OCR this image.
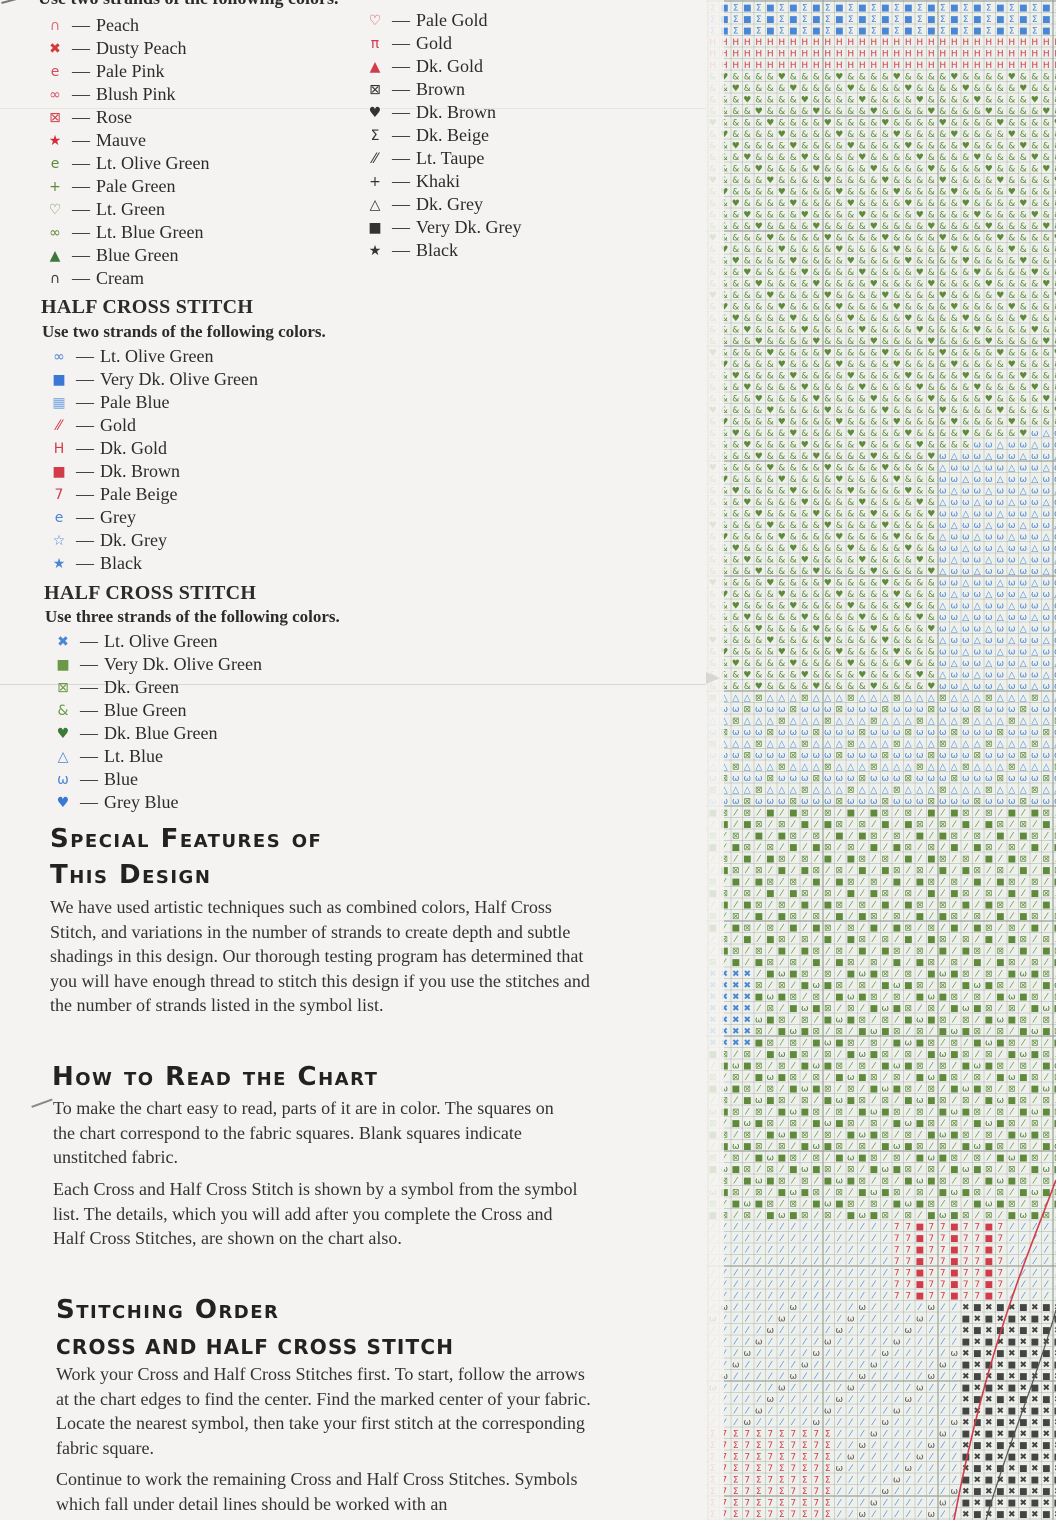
∩ — Peach
✖ — Dusty Peach
e — Pale Pink
∞ — Blush Pink
⊠ — Rose
★ — Mauve
e — Lt. Olive Green
+ — Pale Green
♡ — Lt. Green
∞ — Lt. Blue Green
▲ — Blue Green
∩ — Cream
♡ — Pale Gold
π — Gold
▲ — Dk. Gold
⊠ — Brown
♥ — Dk. Brown
Σ — Dk. Beige
⁄⁄ — Lt. Taupe
+ — Khaki
△ — Dk. Grey
■ — Very Dk. Grey
★ — Black
HALF CROSS STITCH
Use two strands of the following colors.
∞ — Lt. Olive Green
■ — Very Dk. Olive Green
▦ — Pale Blue
⁄⁄ — Gold
H — Dk. Gold
■ — Dk. Brown
7 — Pale Beige
e — Grey
☆ — Dk. Grey
★ — Black
HALF CROSS STITCH
Use three strands of the following colors.
✖ — Lt. Olive Green
■ — Very Dk. Olive Green
⊠ — Dk. Green
& — Blue Green
♥ — Dk. Blue Green
△ — Lt. Blue
ω — Blue
♥ — Grey Blue
Special Features of
This Design
We have used artistic techniques such as combined colors, Half Cross Stitch, and variations in the number of strands to create depth and subtle shadings in this design. Our thorough testing program has determined that you will have enough thread to stitch this design if you use the stitches and the number of strands listed in the symbol list.
How to Read the Chart
To make the chart easy to read, parts of it are in color. The squares on the chart correspond to the fabric squares. Blank squares indicate unstitched fabric.
Each Cross and Half Cross Stitch is shown by a symbol from the symbol list. The details, which you will add after you complete the Cross and Half Cross Stitches, are shown on the chart also.
Stitching Order
CROSS AND HALF CROSS STITCH
Work your Cross and Half Cross Stitches first. To start, follow the arrows at the chart edges to find the center. Find the marked center of your fabric. Locate the nearest symbol, then take your first stitch at the corresponding fabric square.
Continue to work the remaining Cross and Half Cross Stitches. Symbols which fall under detail lines should be worked with an
■ Σ ■ Σ ■ Σ ■ Σ ■ Σ ■ Σ ■ Σ ■ Σ ■ Σ ■ Σ ■ Σ ■ Σ ■ Σ ■ Σ ■
■ Σ ■ Σ ■ Σ ■ Σ ■ Σ ■ Σ ■ Σ ■ Σ ■ Σ ■ Σ ■ Σ ■ Σ ■ Σ ■ Σ ■
■ Σ ■ Σ ■ Σ ■ Σ ■ Σ ■ Σ ■ Σ ■ Σ ■ Σ ■ Σ ■ Σ ■ Σ ■ Σ ■ Σ ■
H H H H H H H H H H H H H H H H H H H H H H H H H H H H H
H H H H H H H H H H H H H H H H H H H H H H H H H H H H H
H H H H H H H H H H H H H H H H H H H H H H H H H H H H H
♥ & & & & ♥ & & & & ♥ & & & & ♥ & & & & ♥ & & & & ♥ & & &
& ♥ & & & & ♥ & & & & ♥ & & & & ♥ & & & & ♥ & & & & ♥ & &
& & ♥ & & & & ♥ & & & & ♥ & & & & ♥ & & & & ♥ & & & & ♥ &
& & & ♥ & & & & ♥ & & & & ♥ & & & & ♥ & & & & ♥ & & & & ♥
& & & & ♥ & & & & ♥ & & & & ♥ & & & & ♥ & & & & ♥ & & & &
♥ & & & & ♥ & & & & ♥ & & & & ♥ & & & & ♥ & & & & ♥ & & &
& ♥ & & & & ♥ & & & & ♥ & & & & ♥ & & & & ♥ & & & & ♥ & &
& & ♥ & & & & ♥ & & & & ♥ & & & & ♥ & & & & ♥ & & & & ♥ &
& & & ♥ & & & & ♥ & & & & ♥ & & & & ♥ & & & & ♥ & & & & ♥
& & & & ♥ & & & & ♥ & & & & ♥ & & & & ♥ & & & & ♥ & & & &
♥ & & & & ♥ & & & & ♥ & & & & ♥ & & & & ♥ & & & & ♥ & & &
& ♥ & & & & ♥ & & & & ♥ & & & & ♥ & & & & ♥ & & & & ♥ & &
& & ♥ & & & & ♥ & & & & ♥ & & & & ♥ & & & & ♥ & & & & ♥ &
& & & ♥ & & & & ♥ & & & & ♥ & & & & ♥ & & & & ♥ & & & & ♥
& & & & ♥ & & & & ♥ & & & & ♥ & & & & ♥ & & & & ♥ & & & &
♥ & & & & ♥ & & & & ♥ & & & & ♥ & & & & ♥ & & & & ♥ & & &
& ♥ & & & & ♥ & & & & ♥ & & & & ♥ & & & & ♥ & & & & ♥ & &
& & ♥ & & & & ♥ & & & & ♥ & & & & ♥ & & & & ♥ & & & & ♥ &
& & & ♥ & & & & ♥ & & & & ♥ & & & & ♥ & & & & ♥ & & & & ♥
& & & & ♥ & & & & ♥ & & & & ♥ & & & & ♥ & & & & ♥ & & & &
♥ & & & & ♥ & & & & ♥ & & & & ♥ & & & & ♥ & & & & ♥ & & &
& ♥ & & & & ♥ & & & & ♥ & & & & ♥ & & & & ♥ & & & & ♥ & &
& & ♥ & & & & ♥ & & & & ♥ & & & & ♥ & & & & ♥ & & & & ♥ &
& & & ♥ & & & & ♥ & & & & ♥ & & & & ♥ & & & & ♥ & & & & ♥
& & & & ♥ & & & & ♥ & & & & ♥ & & & & ♥ & & & & ♥ & & & &
♥ & & & & ♥ & & & & ♥ & & & & ♥ & & & & ♥ & & & & ♥ & & &
& ♥ & & & & ♥ & & & & ♥ & & & & ♥ & & & & ♥ & & & & ♥ & &
& & ♥ & & & & ♥ & & & & ♥ & & & & ♥ & & & & ♥ & & & & ♥ &
& & & ♥ & & & & ♥ & & & & ♥ & & & & ♥ & & & & ♥ & & & & ♥
& & & & ♥ & & & & ♥ & & & & ♥ & & & & ♥ & & & & ♥ & & & &
♥ & & & & ♥ & & & & ♥ & & & & ♥ & & & & ♥ & & & & ♥ & & &
& ♥ & & & & ♥ & & & & ♥ & & & & ♥ & & & & ♥ & & & & ♥ ω △
& & ♥ & & & & ♥ & & & & ♥ & & & & ♥ & & & & ω ω △ ω ω △ ω
& & & ♥ & & & & ♥ & & & & ♥ & & & & ♥ ω △ ω ω △ ω ω △ ω ω
& & & & ♥ & & & & ♥ & & & & ♥ & & & & △ ω ω △ ω ω △ ω ω △
♥ & & & & ♥ & & & & ♥ & & & & ♥ & & & ω ω △ ω ω △ ω ω △ ω
& ♥ & & & & ♥ & & & & ♥ & & & & ♥ & & ω △ ω ω △ ω ω △ ω ω
& & ♥ & & & & ♥ & & & & ♥ & & & & ♥ & △ ω ω △ ω ω △ ω ω △
& & & ♥ & & & & ♥ & & & & ♥ & & & & ♥ ω ω △ ω ω △ ω ω △ ω
& & & & ♥ & & & & ♥ & & & & ♥ & & & & ω △ ω ω △ ω ω △ ω ω
♥ & & & & ♥ & & & & ♥ & & & & ♥ & & & △ ω ω △ ω ω △ ω ω △
& ♥ & & & & ♥ & & & & ♥ & & & & ♥ & & ω ω △ ω ω △ ω ω △ ω
& & ♥ & & & & ♥ & & & & ♥ & & & & ♥ & ω △ ω ω △ ω ω △ ω ω
& & & ♥ & & & & ♥ & & & & ♥ & & & & ♥ △ ω ω △ ω ω △ ω ω △
& & & & ♥ & & & & ♥ & & & & ♥ & & & & ω ω △ ω ω △ ω ω △ ω
♥ & & & & ♥ & & & & ♥ & & & & ♥ & & & ω △ ω ω △ ω ω △ ω ω
& ♥ & & & & ♥ & & & & ♥ & & & & ♥ & & △ ω ω △ ω ω △ ω ω △
& & ♥ & & & & ♥ & & & & ♥ & & & & ♥ & ω ω △ ω ω △ ω ω △ ω
& & & ♥ & & & & ♥ & & & & ♥ & & & & ♥ ω △ ω ω △ ω ω △ ω ω
& & & & ♥ & & & & ♥ & & & & ♥ & & & & △ ω ω △ ω ω △ ω ω △
♥ & & & & ♥ & & & & ♥ & & & & ♥ & & & ω ω △ ω ω △ ω ω △ ω
& ♥ & & & & ♥ & & & & ♥ & & & & ♥ & & ω △ ω ω △ ω ω △ ω ω
& & ♥ & & & & ♥ & & & & ♥ & & & & ♥ & △ ω ω △ ω ω △ ω ω △
& & & ♥ & & & & ♥ & & & & ♥ & & & & ♥ ω ω △ ω ω △ ω ω △ ω
△ △ △ ⊠ △ △ △ ⊠ △ △ △ ⊠ △ △ △ ⊠ △ △ △ ⊠ △ △ △ ⊠ △ △ △ ⊠ △
ω ω ⊠ ω ω ω ⊠ ω ω ω ⊠ ω ω ω ⊠ ω ω ω ⊠ ω ω ω ⊠ ω ω ω ⊠ ω ω
△ ⊠ △ △ △ ⊠ △ △ △ ⊠ △ △ △ ⊠ △ △ △ ⊠ △ △ △ ⊠ △ △ △ ⊠ △ △ △
⊠ ω ω ω ⊠ ω ω ω ⊠ ω ω ω ⊠ ω ω ω ⊠ ω ω ω ⊠ ω ω ω ⊠ ω ω ω ⊠
△ △ △ ⊠ △ △ △ ⊠ △ △ △ ⊠ △ △ △ ⊠ △ △ △ ⊠ △ △ △ ⊠ △ △ △ ⊠ △
ω ω ⊠ ω ω ω ⊠ ω ω ω ⊠ ω ω ω ⊠ ω ω ω ⊠ ω ω ω ⊠ ω ω ω ⊠ ω ω
△ ⊠ △ △ △ ⊠ △ △ △ ⊠ △ △ △ ⊠ △ △ △ ⊠ △ △ △ ⊠ △ △ △ ⊠ △ △ △
⊠ ω ω ω ⊠ ω ω ω ⊠ ω ω ω ⊠ ω ω ω ⊠ ω ω ω ⊠ ω ω ω ⊠ ω ω ω ⊠
△ △ △ ⊠ △ △ △ ⊠ △ △ △ ⊠ △ △ △ ⊠ △ △ △ ⊠ △ △ △ ⊠ △ △ △ ⊠ △
ω ω ⊠ ω ω ω ⊠ ω ω ω ⊠ ω ω ω ⊠ ω ω ω ⊠ ω ω ω ⊠ ω ω ω ⊠ ω ω
⊠ ⁄ ⊠ ⁄ ■ ⁄ ■ ⊠ ⁄ ⊠ ⁄ ■ ⁄ ■ ⊠ ⁄ ⊠ ⁄ ■ ⁄ ■ ⊠ ⁄ ⊠ ⁄ ■ ⁄ ■ ⊠
■ ⁄ ■ ⊠ ⁄ ⊠ ⁄ ■ ⁄ ■ ⊠ ⁄ ⊠ ⁄ ■ ⁄ ■ ⊠ ⁄ ⊠ ⁄ ■ ⁄ ■ ⊠ ⁄ ⊠ ⁄ ■
⁄ ⊠ ⁄ ■ ⁄ ■ ⊠ ⁄ ⊠ ⁄ ■ ⁄ ■ ⊠ ⁄ ⊠ ⁄ ■ ⁄ ■ ⊠ ⁄ ⊠ ⁄ ■ ⁄ ■ ⊠ ⁄
⁄ ■ ⊠ ⁄ ⊠ ⁄ ■ ⁄ ■ ⊠ ⁄ ⊠ ⁄ ■ ⁄ ■ ⊠ ⁄ ⊠ ⁄ ■ ⁄ ■ ⊠ ⁄ ⊠ ⁄ ■ ⁄
⊠ ⁄ ■ ⁄ ■ ⊠ ⁄ ⊠ ⁄ ■ ⁄ ■ ⊠ ⁄ ⊠ ⁄ ■ ⁄ ■ ⊠ ⁄ ⊠ ⁄ ■ ⁄ ■ ⊠ ⁄ ⊠
■ ⊠ ⁄ ⊠ ⁄ ■ ⁄ ■ ⊠ ⁄ ⊠ ⁄ ■ ⁄ ■ ⊠ ⁄ ⊠ ⁄ ■ ⁄ ■ ⊠ ⁄ ⊠ ⁄ ■ ⁄ ■
⁄ ■ ⁄ ■ ⊠ ⁄ ⊠ ⁄ ■ ⁄ ■ ⊠ ⁄ ⊠ ⁄ ■ ⁄ ■ ⊠ ⁄ ⊠ ⁄ ■ ⁄ ■ ⊠ ⁄ ⊠ ⁄
⊠ ⁄ ⊠ ⁄ ■ ⁄ ■ ⊠ ⁄ ⊠ ⁄ ■ ⁄ ■ ⊠ ⁄ ⊠ ⁄ ■ ⁄ ■ ⊠ ⁄ ⊠ ⁄ ■ ⁄ ■ ⊠
■ ⁄ ■ ⊠ ⁄ ⊠ ⁄ ■ ⁄ ■ ⊠ ⁄ ⊠ ⁄ ■ ⁄ ■ ⊠ ⁄ ⊠ ⁄ ■ ⁄ ■ ⊠ ⁄ ⊠ ⁄ ■
⁄ ⊠ ⁄ ■ ⁄ ■ ⊠ ⁄ ⊠ ⁄ ■ ⁄ ■ ⊠ ⁄ ⊠ ⁄ ■ ⁄ ■ ⊠ ⁄ ⊠ ⁄ ■ ⁄ ■ ⊠ ⁄
⁄ ■ ⊠ ⁄ ⊠ ⁄ ■ ⁄ ■ ⊠ ⁄ ⊠ ⁄ ■ ⁄ ■ ⊠ ⁄ ⊠ ⁄ ■ ⁄ ■ ⊠ ⁄ ⊠ ⁄ ■ ⁄
⊠ ⁄ ■ ⁄ ■ ⊠ ⁄ ⊠ ⁄ ■ ⁄ ■ ⊠ ⁄ ⊠ ⁄ ■ ⁄ ■ ⊠ ⁄ ⊠ ⁄ ■ ⁄ ■ ⊠ ⁄ ⊠
■ ⊠ ⁄ ⊠ ⁄ ■ ⁄ ■ ⊠ ⁄ ⊠ ⁄ ■ ⁄ ■ ⊠ ⁄ ⊠ ⁄ ■ ⁄ ■ ⊠ ⁄ ⊠ ⁄ ■ ⁄ ■
⁄ ■ ⁄ ■ ⊠ ⁄ ⊠ ⁄ ■ ⁄ ■ ⊠ ⁄ ⊠ ⁄ ■ ⁄ ■ ⊠ ⁄ ⊠ ⁄ ■ ⁄ ■ ⊠ ⁄ ⊠ ⁄
✖ ✖ ✖ ⁄ ■ ω ■ ⊠ ⁄ ⊠ ⁄ ■ ω ■ ⊠ ⁄ ⊠ ⁄ ■ ω ■ ⊠ ⁄ ⊠ ⁄ ■ ω ■ ⊠
✖ ✖ ✖ ⊠ ⁄ ⊠ ⁄ ■ ω ■ ⊠ ⁄ ⊠ ⁄ ■ ω ■ ⊠ ⁄ ⊠ ⁄ ■ ω ■ ⊠ ⁄ ⊠ ⁄ ■
✖ ✖ ✖ ■ ω ■ ⊠ ⁄ ⊠ ⁄ ■ ω ■ ⊠ ⁄ ⊠ ⁄ ■ ω ■ ⊠ ⁄ ⊠ ⁄ ■ ω ■ ⊠ ⁄
✖ ✖ ✖ ⁄ ⊠ ⁄ ■ ω ■ ⊠ ⁄ ⊠ ⁄ ■ ω ■ ⊠ ⁄ ⊠ ⁄ ■ ω ■ ⊠ ⁄ ⊠ ⁄ ■ ω
✖ ✖ ✖ ω ■ ⊠ ⁄ ⊠ ⁄ ■ ω ■ ⊠ ⁄ ⊠ ⁄ ■ ω ■ ⊠ ⁄ ⊠ ⁄ ■ ω ■ ⊠ ⁄ ⊠
✖ ✖ ✖ ⊠ ⁄ ■ ω ■ ⊠ ⁄ ⊠ ⁄ ■ ω ■ ⊠ ⁄ ⊠ ⁄ ■ ω ■ ⊠ ⁄ ⊠ ⁄ ■ ω ■
✖ ✖ ✖ ■ ⊠ ⁄ ⊠ ⁄ ■ ω ■ ⊠ ⁄ ⊠ ⁄ ■ ω ■ ⊠ ⁄ ⊠ ⁄ ■ ω ■ ⊠ ⁄ ⊠ ⁄
⊠ ⁄ ⊠ ⁄ ■ ω ■ ⊠ ⁄ ⊠ ⁄ ■ ω ■ ⊠ ⁄ ⊠ ⁄ ■ ω ■ ⊠ ⁄ ⊠ ⁄ ■ ω ■ ⊠
■ ω ■ ⊠ ⁄ ⊠ ⁄ ■ ω ■ ⊠ ⁄ ⊠ ⁄ ■ ω ■ ⊠ ⁄ ⊠ ⁄ ■ ω ■ ⊠ ⁄ ⊠ ⁄ ■
⁄ ⊠ ⁄ ■ ω ■ ⊠ ⁄ ⊠ ⁄ ■ ω ■ ⊠ ⁄ ⊠ ⁄ ■ ω ■ ⊠ ⁄ ⊠ ⁄ ■ ω ■ ⊠ ⁄
ω ■ ⊠ ⁄ ⊠ ⁄ ■ ω ■ ⊠ ⁄ ⊠ ⁄ ■ ω ■ ⊠ ⁄ ⊠ ⁄ ■ ω ■ ⊠ ⁄ ⊠ ⁄ ■ ω
⊠ ⁄ ■ ω ■ ⊠ ⁄ ⊠ ⁄ ■ ω ■ ⊠ ⁄ ⊠ ⁄ ■ ω ■ ⊠ ⁄ ⊠ ⁄ ■ ω ■ ⊠ ⁄ ⊠
■ ⊠ ⁄ ⊠ ⁄ ■ ω ■ ⊠ ⁄ ⊠ ⁄ ■ ω ■ ⊠ ⁄ ⊠ ⁄ ■ ω ■ ⊠ ⁄ ⊠ ⁄ ■ ω ■
⁄ ■ ω ■ ⊠ ⁄ ⊠ ⁄ ■ ω ■ ⊠ ⁄ ⊠ ⁄ ■ ω ■ ⊠ ⁄ ⊠ ⁄ ■ ω ■ ⊠ ⁄ ⊠ ⁄
⊠ ⁄ ⊠ ⁄ ■ ω ■ ⊠ ⁄ ⊠ ⁄ ■ ω ■ ⊠ ⁄ ⊠ ⁄ ■ ω ■ ⊠ ⁄ ⊠ ⁄ ■ ω ■ ⊠
■ ω ■ ⊠ ⁄ ⊠ ⁄ ■ ω ■ ⊠ ⁄ ⊠ ⁄ ■ ω ■ ⊠ ⁄ ⊠ ⁄ ■ ω ■ ⊠ ⁄ ⊠ ⁄ ■
⁄ ⊠ ⁄ ■ ω ■ ⊠ ⁄ ⊠ ⁄ ■ ω ■ ⊠ ⁄ ⊠ ⁄ ■ ω ■ ⊠ ⁄ ⊠ ⁄ ■ ω ■ ⊠ ⁄
ω ■ ⊠ ⁄ ⊠ ⁄ ■ ω ■ ⊠ ⁄ ⊠ ⁄ ■ ω ■ ⊠ ⁄ ⊠ ⁄ ■ ω ■ ⊠ ⁄ ⊠ ⁄ ■ ω
⊠ ⁄ ■ ω ■ ⊠ ⁄ ⊠ ⁄ ■ ω ■ ⊠ ⁄ ⊠ ⁄ ■ ω ■ ⊠ ⁄ ⊠ ⁄ ■ ω ■ ⊠ ⁄ ⊠
■ ⊠ ⁄ ⊠ ⁄ ■ ω ■ ⊠ ⁄ ⊠ ⁄ ■ ω ■ ⊠ ⁄ ⊠ ⁄ ■ ω ■ ⊠ ⁄ ⊠ ⁄ ■ ω ■
⁄ ■ ω ■ ⊠ ⁄ ⊠ ⁄ ■ ω ■ ⊠ ⁄ ⊠ ⁄ ■ ω ■ ⊠ ⁄ ⊠ ⁄ ■ ω ■ ⊠ ⁄ ⊠ ⁄
⊠ ⁄ ⊠ ⁄ ■ ω ■ ⊠ ⁄ ⊠ ⁄ ■ ω ■ ⊠ ⁄ ⊠ ⁄ ■ ω ■ ⊠ ⁄ ⊠ ⁄ ■ ω ■ ⊠
⁄ ⁄ ⁄ ⁄ ⁄ ⁄ ⁄ ⁄ ⁄ ⁄ ⁄ ⁄ ⁄ ⁄ ⁄ 7 7 ■ 7 7 ■ 7 7 ■ 7 ⁄ ⁄ ⁄ ⁄
⁄ ⁄ ⁄ ⁄ ⁄ ⁄ ⁄ ⁄ ⁄ ⁄ ⁄ ⁄ ⁄ ⁄ ⁄ 7 7 ■ 7 7 ■ 7 7 ■ 7 ⁄ ⁄ ⁄ ⁄
⁄ ⁄ ⁄ ⁄ ⁄ ⁄ ⁄ ⁄ ⁄ ⁄ ⁄ ⁄ ⁄ ⁄ ⁄ 7 7 ■ 7 7 ■ 7 7 ■ 7 ⁄ ⁄ ⁄ ⁄
⁄ ⁄ ⁄ ⁄ ⁄ ⁄ ⁄ ⁄ ⁄ ⁄ ⁄ ⁄ ⁄ ⁄ ⁄ 7 7 ■ 7 7 ■ 7 7 ■ 7 ⁄ ⁄ ⁄ ⁄
⁄ ⁄ ⁄ ⁄ ⁄ ⁄ ⁄ ⁄ ⁄ ⁄ ⁄ ⁄ ⁄ ⁄ ⁄ 7 7 ■ 7 7 ■ 7 7 ■ 7 ⁄ ⁄ ⁄ ⁄
⁄ ⁄ ⁄ ⁄ ⁄ ⁄ ⁄ ⁄ ⁄ ⁄ ⁄ ⁄ ⁄ ⁄ ⁄ 7 7 ■ 7 7 ■ 7 7 ■ 7 ⁄ ⁄ ⁄ ⁄
⁄ ⁄ ⁄ ⁄ ⁄ ⁄ ⁄ ⁄ ⁄ ⁄ ⁄ ⁄ ⁄ ⁄ ⁄ 7 7 ■ 7 7 ■ 7 7 ■ 7 ⁄ ⁄ ⁄ ⁄
ω ⁄ ⁄ ⁄ ⁄ ⁄ ω ⁄ ⁄ ⁄ ⁄ ⁄ ω ⁄ ⁄ ⁄ ⁄ ⁄ ω ⁄ ⁄ ✖ ■ ✖ ■ ✖ ■ ✖ ■
⁄ ⁄ ⁄ ⁄ ⁄ ω ⁄ ⁄ ⁄ ⁄ ⁄ ω ⁄ ⁄ ⁄ ⁄ ⁄ ω ⁄ ⁄ ⁄ ■ ✖ ■ ✖ ■ ✖ ■ ✖
⁄ ⁄ ⁄ ⁄ ω ⁄ ⁄ ⁄ ⁄ ⁄ ω ⁄ ⁄ ⁄ ⁄ ⁄ ω ⁄ ⁄ ⁄ ⁄ ✖ ■ ✖ ■ ✖ ■ ✖ ■
⁄ ⁄ ⁄ ω ⁄ ⁄ ⁄ ⁄ ⁄ ω ⁄ ⁄ ⁄ ⁄ ⁄ ω ⁄ ⁄ ⁄ ⁄ ⁄ ■ ✖ ■ ✖ ■ ✖ ■ ✖
⁄ ⁄ ω ⁄ ⁄ ⁄ ⁄ ⁄ ω ⁄ ⁄ ⁄ ⁄ ⁄ ω ⁄ ⁄ ⁄ ⁄ ⁄ ω ✖ ■ ✖ ■ ✖ ■ ✖ ■
⁄ ω ⁄ ⁄ ⁄ ⁄ ⁄ ω ⁄ ⁄ ⁄ ⁄ ⁄ ω ⁄ ⁄ ⁄ ⁄ ⁄ ω ⁄ ■ ✖ ■ ✖ ■ ✖ ■ ✖
ω ⁄ ⁄ ⁄ ⁄ ⁄ ω ⁄ ⁄ ⁄ ⁄ ⁄ ω ⁄ ⁄ ⁄ ⁄ ⁄ ω ⁄ ⁄ ✖ ■ ✖ ■ ✖ ■ ✖ ■
⁄ ⁄ ⁄ ⁄ ⁄ ω ⁄ ⁄ ⁄ ⁄ ⁄ ω ⁄ ⁄ ⁄ ⁄ ⁄ ω ⁄ ⁄ ⁄ ■ ✖ ■ ✖ ■ ✖ ■ ✖
⁄ ⁄ ⁄ ⁄ ω ⁄ ⁄ ⁄ ⁄ ⁄ ω ⁄ ⁄ ⁄ ⁄ ⁄ ω ⁄ ⁄ ⁄ ⁄ ✖ ■ ✖ ■ ✖ ■ ✖ ■
⁄ ⁄ ⁄ ω ⁄ ⁄ ⁄ ⁄ ⁄ ω ⁄ ⁄ ⁄ ⁄ ⁄ ω ⁄ ⁄ ⁄ ⁄ ⁄ ■ ✖ ■ ✖ ■ ✖ ■ ✖
⁄ ⁄ ω ⁄ ⁄ ⁄ ⁄ ⁄ ω ⁄ ⁄ ⁄ ⁄ ⁄ ω ⁄ ⁄ ⁄ ⁄ ⁄ ω ✖ ■ ✖ ■ ✖ ■ ✖ ■
7 Σ 7 Σ 7 Σ 7 Σ 7 Σ ⁄ ⁄ ⁄ ω ⁄ ⁄ ⁄ ⁄ ⁄ ω ⁄ ■ ✖ ■ ✖ ■ ✖ ■ ✖
7 Σ 7 Σ 7 Σ 7 Σ 7 Σ ⁄ ⁄ ω ⁄ ⁄ ⁄ ⁄ ⁄ ω ⁄ ⁄ ✖ ■ ✖ ■ ✖ ■ ✖ ■
7 Σ 7 Σ 7 Σ 7 Σ 7 Σ ⁄ ω ⁄ ⁄ ⁄ ⁄ ⁄ ω ⁄ ⁄ ⁄ ■ ✖ ■ ✖ ■ ✖ ■ ✖
7 Σ 7 Σ 7 Σ 7 Σ 7 Σ ω ⁄ ⁄ ⁄ ⁄ ⁄ ω ⁄ ⁄ ⁄ ⁄ ✖ ■ ✖ ■ ✖ ■ ✖ ■
7 Σ 7 Σ 7 Σ 7 Σ 7 Σ ⁄ ⁄ ⁄ ⁄ ⁄ ω ⁄ ⁄ ⁄ ⁄ ⁄ ■ ✖ ■ ✖ ■ ✖ ■ ✖
7 Σ 7 Σ 7 Σ 7 Σ 7 Σ ⁄ ⁄ ⁄ ⁄ ω ⁄ ⁄ ⁄ ⁄ ⁄ ω ✖ ■ ✖ ■ ✖ ■ ✖ ■
7 Σ 7 Σ 7 Σ 7 Σ 7 Σ ⁄ ⁄ ⁄ ω ⁄ ⁄ ⁄ ⁄ ⁄ ω ⁄ ■ ✖ ■ ✖ ■ ✖ ■ ✖
7 Σ 7 Σ 7 Σ 7 Σ 7 Σ ⁄ ⁄ ω ⁄ ⁄ ⁄ ⁄ ⁄ ω ⁄ ⁄ ✖ ■ ✖ ■ ✖ ■ ✖ ■
